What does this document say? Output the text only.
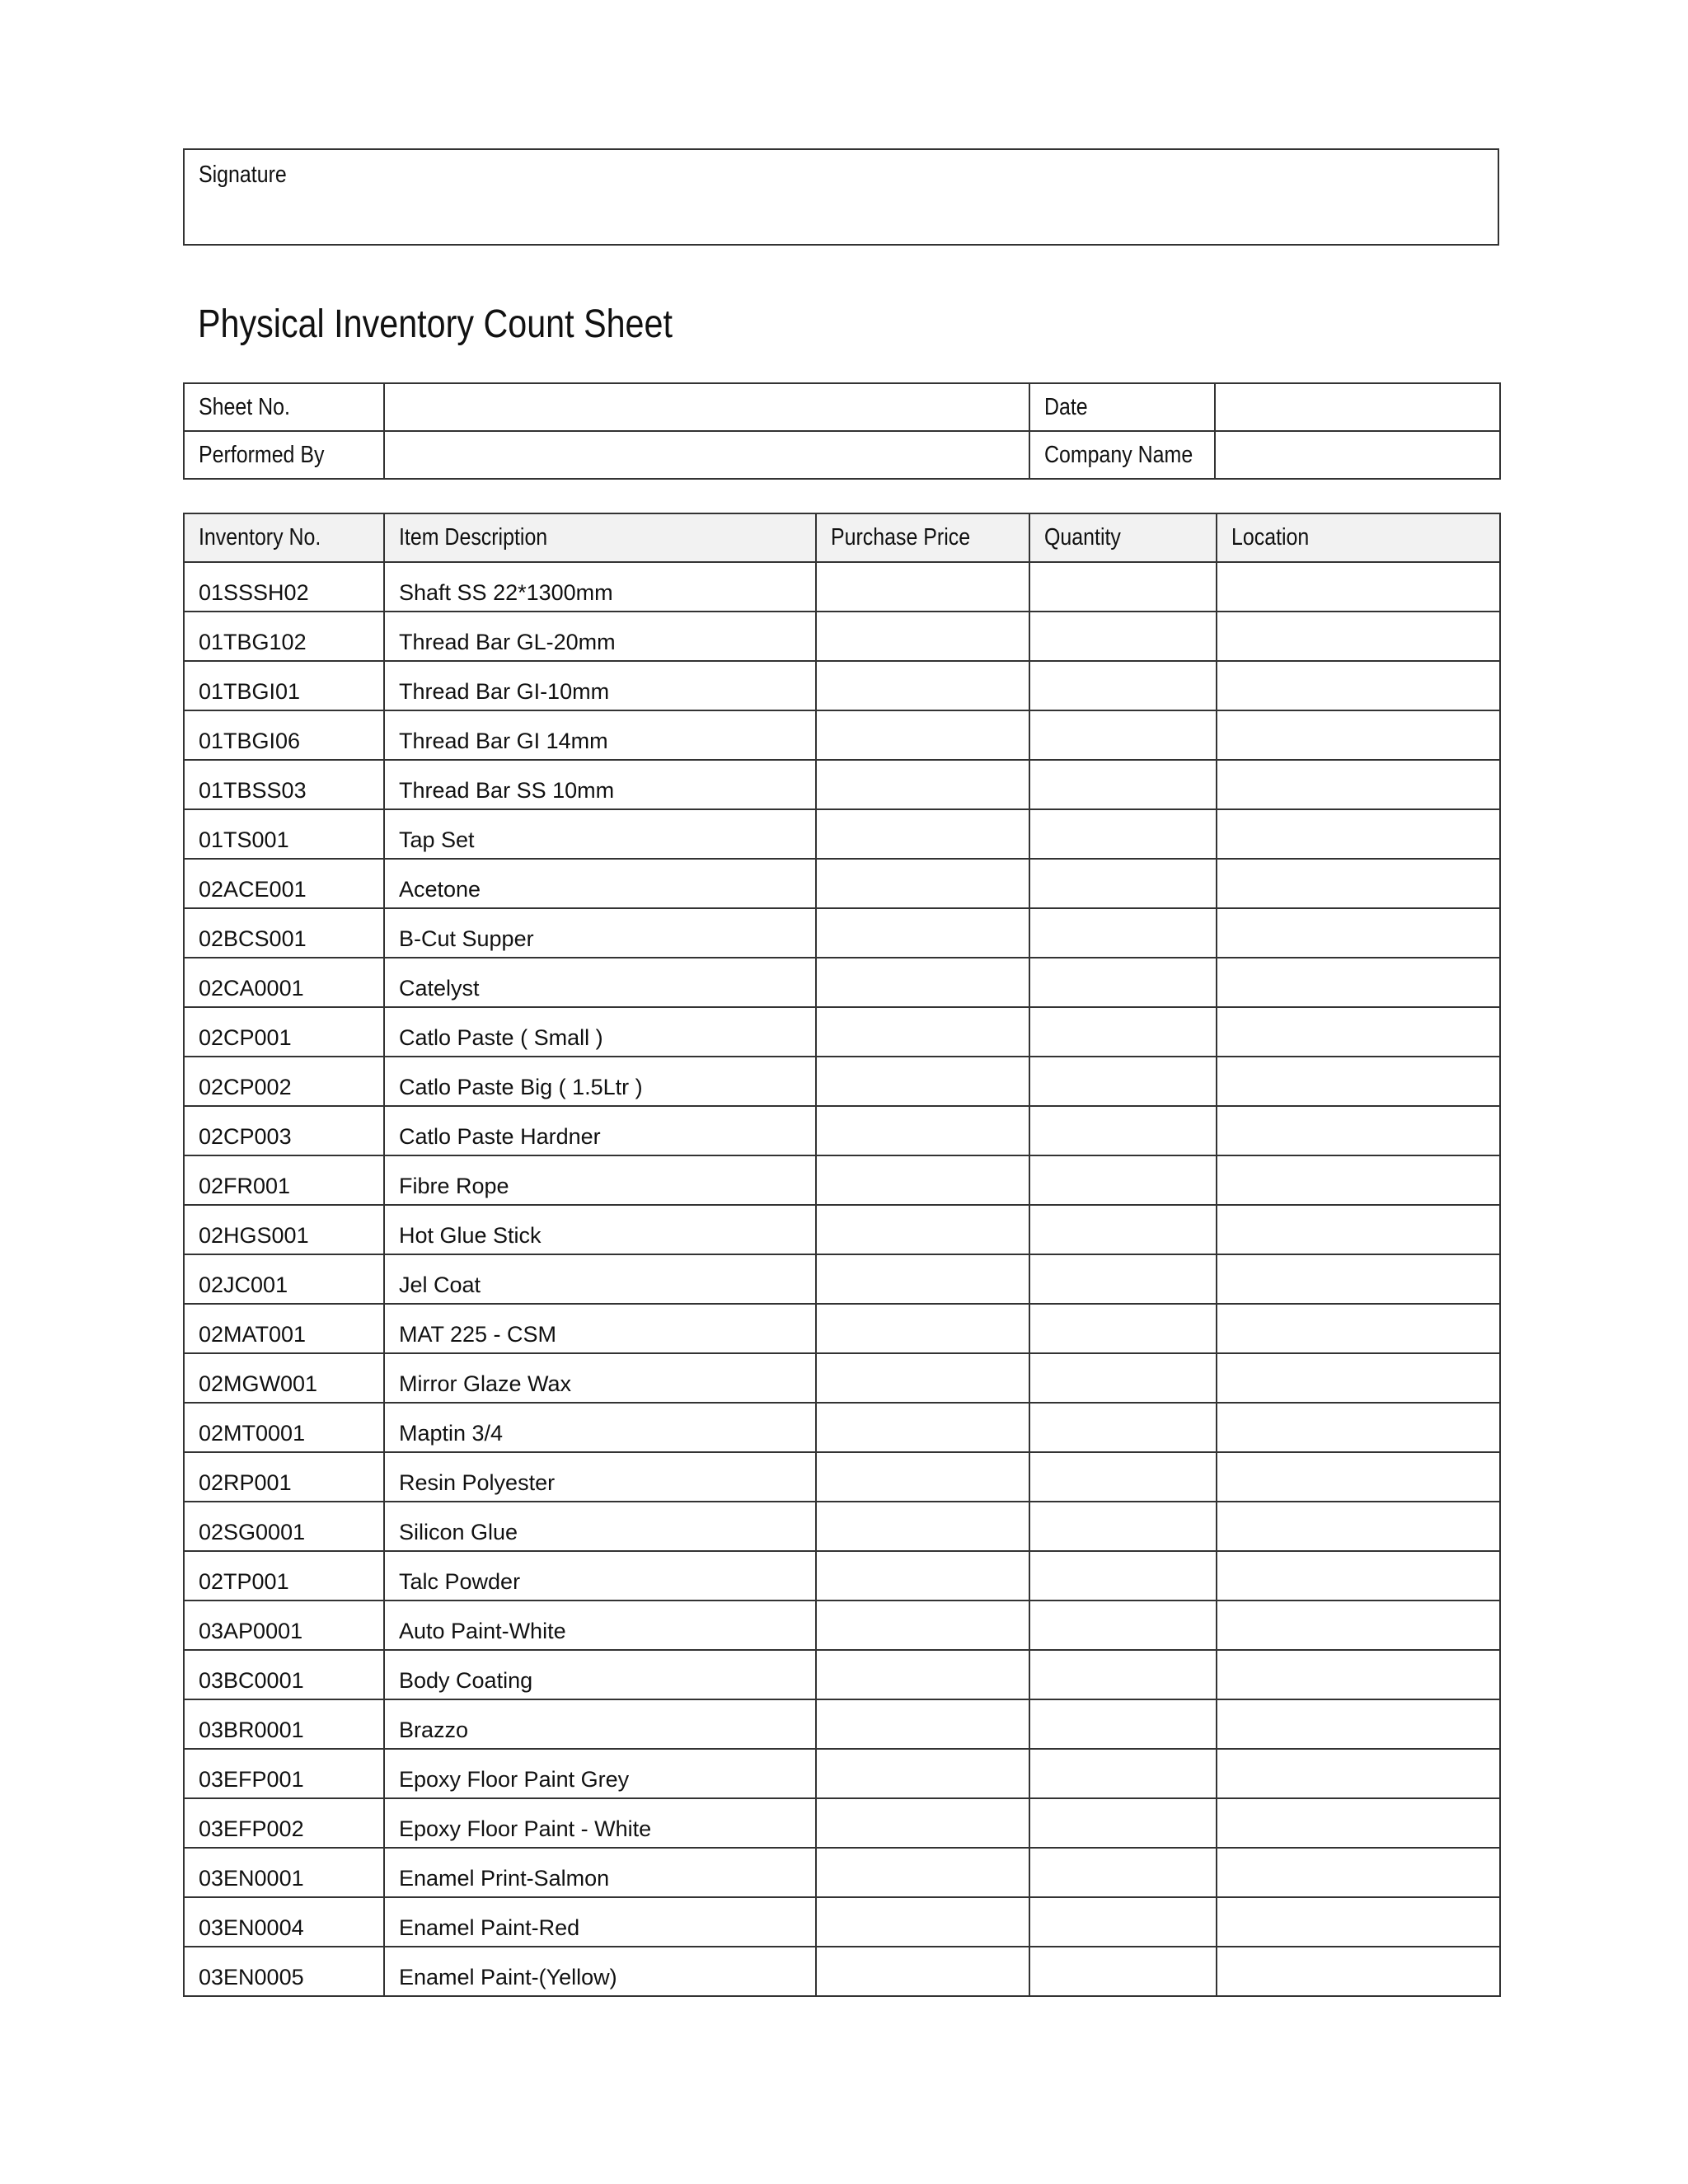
Signature
Physical Inventory Count Sheet
Sheet No.		Date	
Performed By		Company Name	
Inventory No.	Item Description	Purchase Price	Quantity	Location
01SSSH02	Shaft SS 22*1300mm			
01TBG102	Thread Bar GL-20mm			
01TBGI01	Thread Bar GI-10mm			
01TBGI06	Thread Bar GI 14mm			
01TBSS03	Thread Bar SS 10mm			
01TS001	Tap Set			
02ACE001	Acetone			
02BCS001	B-Cut Supper			
02CA0001	Catelyst			
02CP001	Catlo Paste ( Small )			
02CP002	Catlo Paste Big ( 1.5Ltr )			
02CP003	Catlo Paste Hardner			
02FR001	Fibre Rope			
02HGS001	Hot Glue Stick			
02JC001	Jel Coat			
02MAT001	MAT 225 - CSM			
02MGW001	Mirror Glaze Wax			
02MT0001	Maptin 3/4			
02RP001	Resin Polyester			
02SG0001	Silicon Glue			
02TP001	Talc Powder			
03AP0001	Auto Paint-White			
03BC0001	Body Coating			
03BR0001	Brazzo			
03EFP001	Epoxy Floor Paint Grey			
03EFP002	Epoxy Floor Paint - White			
03EN0001	Enamel Print-Salmon			
03EN0004	Enamel Paint-Red			
03EN0005	Enamel Paint-(Yellow)			
